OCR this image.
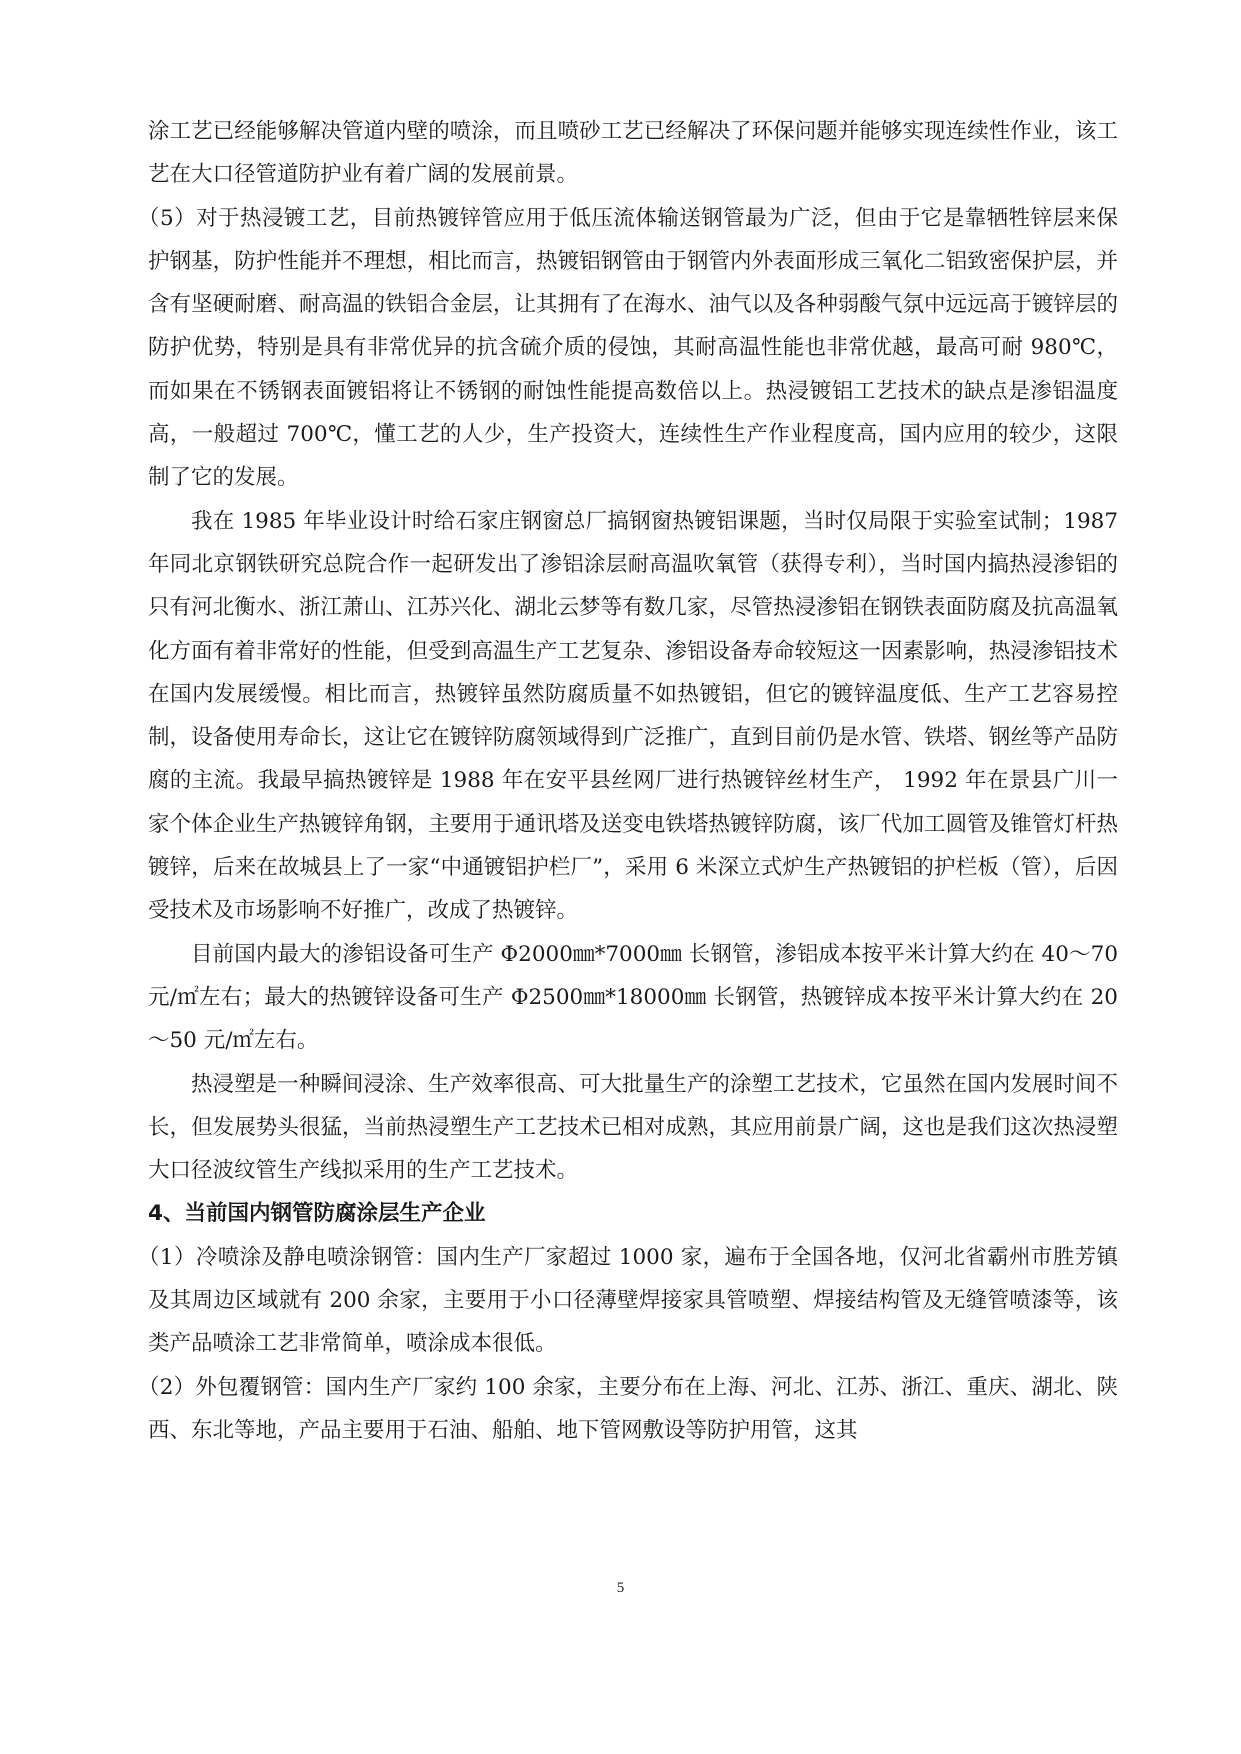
涂工艺已经能够解决管道内壁的喷涂，而且喷砂工艺已经解决了环保问题并能够实现连续性作业，该工艺在大口径管道防护业有着广阔的发展前景。

（5）对于热浸镀工艺，目前热镀锌管应用于低压流体输送钢管最为广泛，但由于它是靠牺牲锌层来保护钢基，防护性能并不理想，相比而言，热镀铝钢管由于钢管内外表面形成三氧化二铝致密保护层，并含有坚硬耐磨、耐高温的铁铝合金层，让其拥有了在海水、油气以及各种弱酸气氛中远远高于镀锌层的防护优势，特别是具有非常优异的抗含硫介质的侵蚀，其耐高温性能也非常优越，最高可耐 980℃，而如果在不锈钢表面镀铝将让不锈钢的耐蚀性能提高数倍以上。热浸镀铝工艺技术的缺点是渗铝温度高，一般超过 700℃，懂工艺的人少，生产投资大，连续性生产作业程度高，国内应用的较少，这限制了它的发展。

我在 1985 年毕业设计时给石家庄钢窗总厂搞钢窗热镀铝课题，当时仅局限于实验室试制；1987 年同北京钢铁研究总院合作一起研发出了渗铝涂层耐高温吹氧管（获得专利），当时国内搞热浸渗铝的只有河北衡水、浙江萧山、江苏兴化、湖北云梦等有数几家，尽管热浸渗铝在钢铁表面防腐及抗高温氧化方面有着非常好的性能，但受到高温生产工艺复杂、渗铝设备寿命较短这一因素影响，热浸渗铝技术在国内发展缓慢。相比而言，热镀锌虽然防腐质量不如热镀铝，但它的镀锌温度低、生产工艺容易控制，设备使用寿命长，这让它在镀锌防腐领域得到广泛推广，直到目前仍是水管、铁塔、钢丝等产品防腐的主流。我最早搞热镀锌是 1988 年在安平县丝网厂进行热镀锌丝材生产， 1992 年在景县广川一家个体企业生产热镀锌角钢，主要用于通讯塔及送变电铁塔热镀锌防腐，该厂代加工圆管及锥管灯杆热镀锌，后来在故城县上了一家“中通镀铝护栏厂”，采用 6 米深立式炉生产热镀铝的护栏板（管），后因受技术及市场影响不好推广，改成了热镀锌。

目前国内最大的渗铝设备可生产 Φ2000㎜*7000㎜ 长钢管，渗铝成本按平米计算大约在 40～70 元/㎡左右；最大的热镀锌设备可生产 Φ2500㎜*18000㎜ 长钢管，热镀锌成本按平米计算大约在 20～50 元/㎡左右。

热浸塑是一种瞬间浸涂、生产效率很高、可大批量生产的涂塑工艺技术，它虽然在国内发展时间不长，但发展势头很猛，当前热浸塑生产工艺技术已相对成熟，其应用前景广阔，这也是我们这次热浸塑大口径波纹管生产线拟采用的生产工艺技术。

4、当前国内钢管防腐涂层生产企业

（1）冷喷涂及静电喷涂钢管：国内生产厂家超过 1000 家，遍布于全国各地，仅河北省霸州市胜芳镇及其周边区域就有 200 余家，主要用于小口径薄壁焊接家具管喷塑、焊接结构管及无缝管喷漆等，该类产品喷涂工艺非常简单，喷涂成本很低。

（2）外包覆钢管：国内生产厂家约 100 余家，主要分布在上海、河北、江苏、浙江、重庆、湖北、陕西、东北等地，产品主要用于石油、船舶、地下管网敷设等防护用管，这其

5
